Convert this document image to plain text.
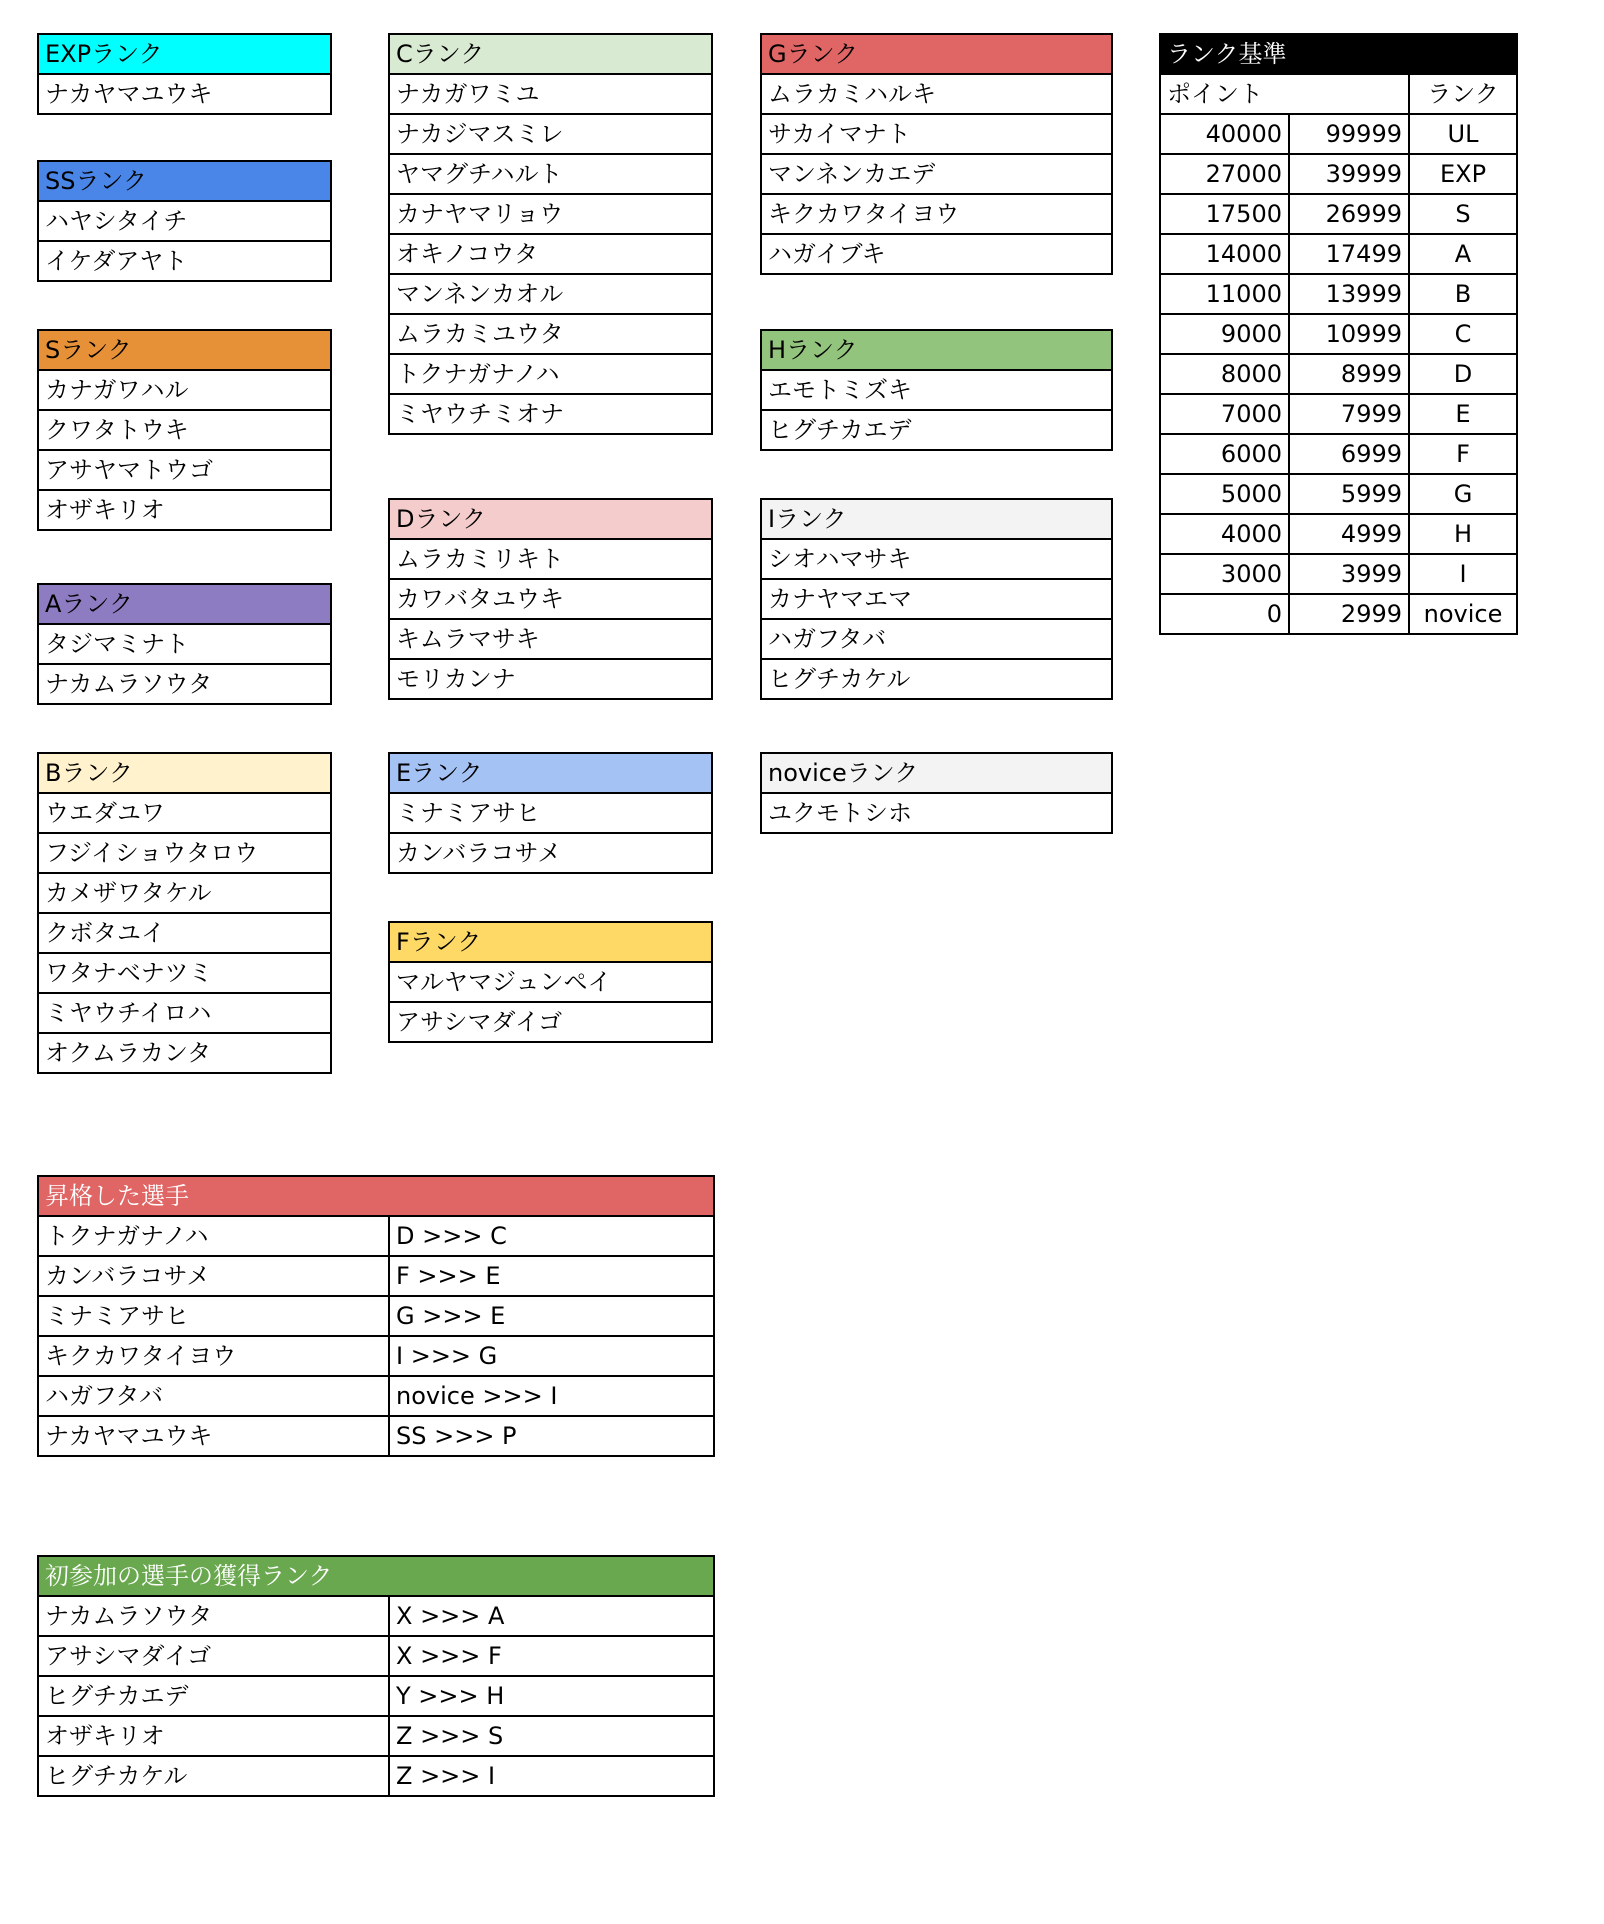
EXPランク
ナカヤマユウキ
SSランク
ハヤシタイチ
イケダアヤト
Sランク
カナガワハル
クワタトウキ
アサヤマトウゴ
オザキリオ
Aランク
タジマミナト
ナカムラソウタ
Bランク
ウエダユワ
フジイショウタロウ
カメザワタケル
クボタユイ
ワタナベナツミ
ミヤウチイロハ
オクムラカンタ
Cランク
ナカガワミユ
ナカジマスミレ
ヤマグチハルト
カナヤマリョウ
オキノコウタ
マンネンカオル
ムラカミユウタ
トクナガナノハ
ミヤウチミオナ
Dランク
ムラカミリキト
カワバタユウキ
キムラマサキ
モリカンナ
Eランク
ミナミアサヒ
カンバラコサメ
Fランク
マルヤマジュンペイ
アサシマダイゴ
Gランク
ムラカミハルキ
サカイマナト
マンネンカエデ
キクカワタイヨウ
ハガイブキ
Hランク
エモトミズキ
ヒグチカエデ
Iランク
シオハマサキ
カナヤマエマ
ハガフタバ
ヒグチカケル
noviceランク
ユクモトシホ
ランク基準		
ポイント		ランク
40000	99999	UL
27000	39999	EXP
17500	26999	S
14000	17499	A
11000	13999	B
9000	10999	C
8000	8999	D
7000	7999	E
6000	6999	F
5000	5999	G
4000	4999	H
3000	3999	I
0	2999	novice
昇格した選手	
トクナガナノハ	D >>> C
カンバラコサメ	F >>> E
ミナミアサヒ	G >>> E
キクカワタイヨウ	I >>> G
ハガフタバ	novice >>> I
ナカヤマユウキ	SS >>> P
初参加の選手の獲得ランク	
ナカムラソウタ	X >>> A
アサシマダイゴ	X >>> F
ヒグチカエデ	Y >>> H
オザキリオ	Z >>> S
ヒグチカケル	Z >>> I
